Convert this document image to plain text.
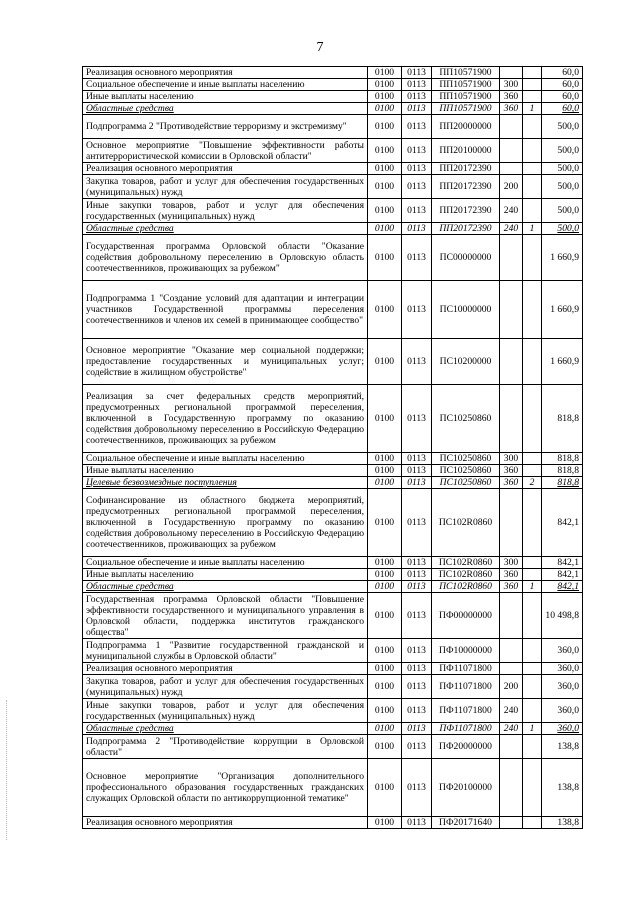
7
Реализация основного мероприятия	0100	0113	ПП10571900			60,0
Социальное обеспечение и иные выплаты населению	0100	0113	ПП10571900	300		60,0
Иные выплаты населению	0100	0113	ПП10571900	360		60,0
Областные средства	0100	0113	ПП10571900	360	1	60,0
Подпрограмма 2 "Противодействие терроризму и экстремизму"	0100	0113	ПП20000000			500,0
Основное мероприятие "Повышение эффективности работы антитеррористической комиссии в Орловской области"	0100	0113	ПП20100000			500,0
Реализация основного мероприятия	0100	0113	ПП20172390			500,0
Закупка товаров, работ и услуг для обеспечения государственных (муниципальных) нужд	0100	0113	ПП20172390	200		500,0
Иные закупки товаров, работ и услуг для обеспечения государственных (муниципальных) нужд	0100	0113	ПП20172390	240		500,0
Областные средства	0100	0113	ПП20172390	240	1	500,0
Государственная программа Орловской области "Оказание содействия добровольному переселению в Орловскую область соотечественников, проживающих за рубежом"	0100	0113	ПС00000000			1 660,9
Подпрограмма 1 "Создание условий для адаптации и интеграции участников Государственной программы переселения соотечественников и членов их семей в принимающее сообщество"	0100	0113	ПС10000000			1 660,9
Основное мероприятие "Оказание мер социальной поддержки; предоставление государственных и муниципальных услуг; содействие в жилищном обустройстве"	0100	0113	ПС10200000			1 660,9
Реализация за счет федеральных средств мероприятий, предусмотренных региональной программой переселения, включенной в Государственную программу по оказанию содействия добровольному переселению в Российскую Федерацию соотечественников, проживающих за рубежом	0100	0113	ПС10250860			818,8
Социальное обеспечение и иные выплаты населению	0100	0113	ПС10250860	300		818,8
Иные выплаты населению	0100	0113	ПС10250860	360		818,8
Целевые безвозмездные поступления	0100	0113	ПС10250860	360	2	818,8
Софинансирование из областного бюджета мероприятий, предусмотренных региональной программой переселения, включенной в Государственную программу по оказанию содействия добровольному переселению в Российскую Федерацию соотечественников, проживающих за рубежом	0100	0113	ПС102R0860			842,1
Социальное обеспечение и иные выплаты населению	0100	0113	ПС102R0860	300		842,1
Иные выплаты населению	0100	0113	ПС102R0860	360		842,1
Областные средства	0100	0113	ПС102R0860	360	1	842,1
Государственная программа Орловской области "Повышение эффективности государственного и муниципального управления в Орловской области, поддержка институтов гражданского общества"	0100	0113	ПФ00000000			10 498,8
Подпрограмма 1 "Развитие государственной гражданской и муниципальной службы в Орловской области"	0100	0113	ПФ10000000			360,0
Реализация основного мероприятия	0100	0113	ПФ11071800			360,0
Закупка товаров, работ и услуг для обеспечения государственных (муниципальных) нужд	0100	0113	ПФ11071800	200		360,0
Иные закупки товаров, работ и услуг для обеспечения государственных (муниципальных) нужд	0100	0113	ПФ11071800	240		360,0
Областные средства	0100	0113	ПФ11071800	240	1	360,0
Подпрограмма 2 "Противодействие коррупции в Орловской области"	0100	0113	ПФ20000000			138,8
Основное мероприятие "Организация дополнительного профессионального образования государственных гражданских служащих Орловской области по антикоррупционной тематике"	0100	0113	ПФ20100000			138,8
Реализация основного мероприятия	0100	0113	ПФ20171640			138,8
